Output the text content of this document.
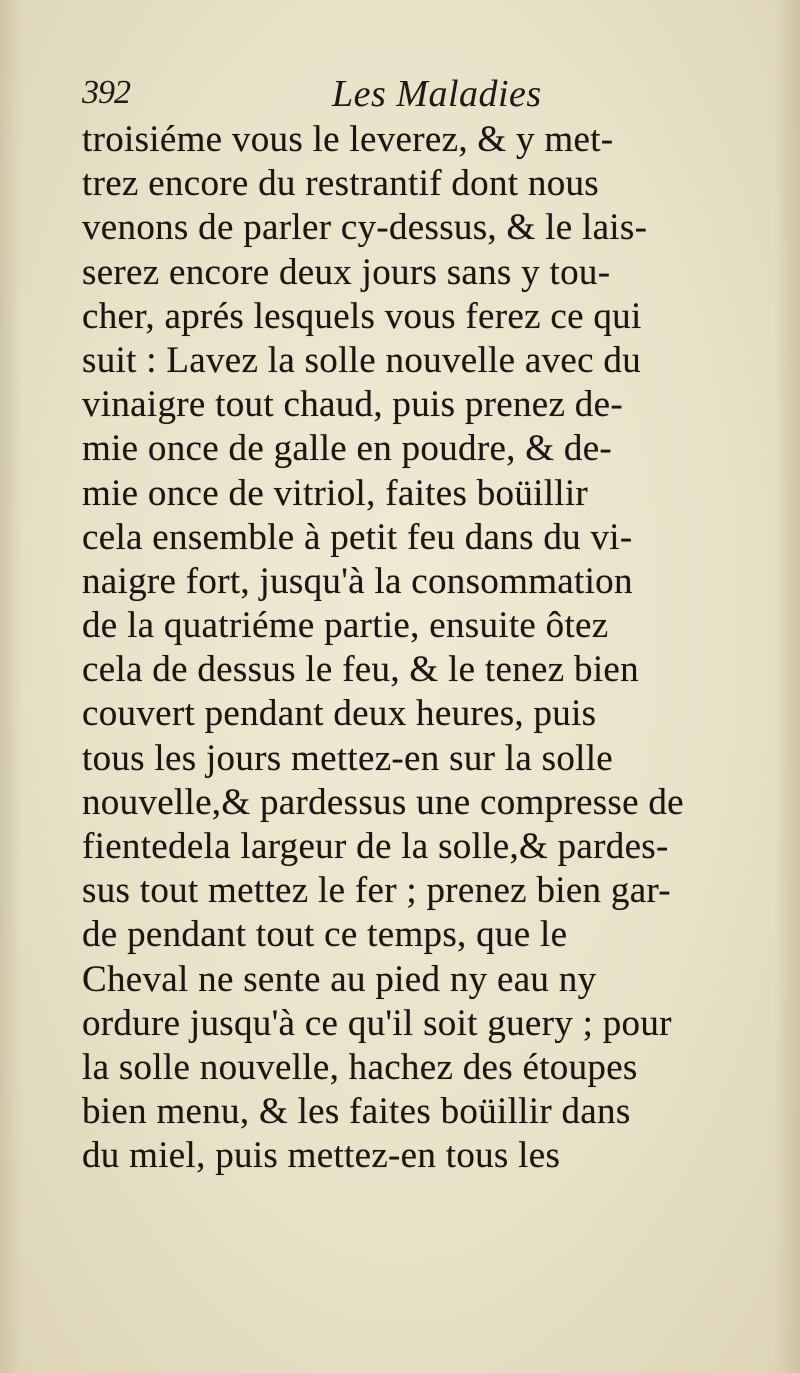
392	Les Maladies
troisiéme vous le leverez, & y met-
trez encore du restrantif dont nous
venons de parler cy-dessus, & le lais-
serez encore deux jours sans y tou-
cher, aprés lesquels vous ferez ce qui
suit : Lavez la solle nouvelle avec du
vinaigre tout chaud, puis prenez de-
mie once de galle en poudre, & de-
mie once de vitriol, faites boüillir
cela ensemble à petit feu dans du vi-
naigre fort, jusqu'à la consommation
de la quatriéme partie, ensuite ôtez
cela de dessus le feu, & le tenez bien
couvert pendant deux heures, puis
tous les jours mettez-en sur la solle
nouvelle,& pardessus une compresse de
fientedela largeur de la solle,& pardes-
sus tout mettez le fer ; prenez bien gar-
de pendant tout ce temps, que le
Cheval ne sente au pied ny eau ny
ordure jusqu'à ce qu'il soit guery ; pour
la solle nouvelle, hachez des étoupes
bien menu, & les faites boüillir dans
du miel, puis mettez-en tous les
